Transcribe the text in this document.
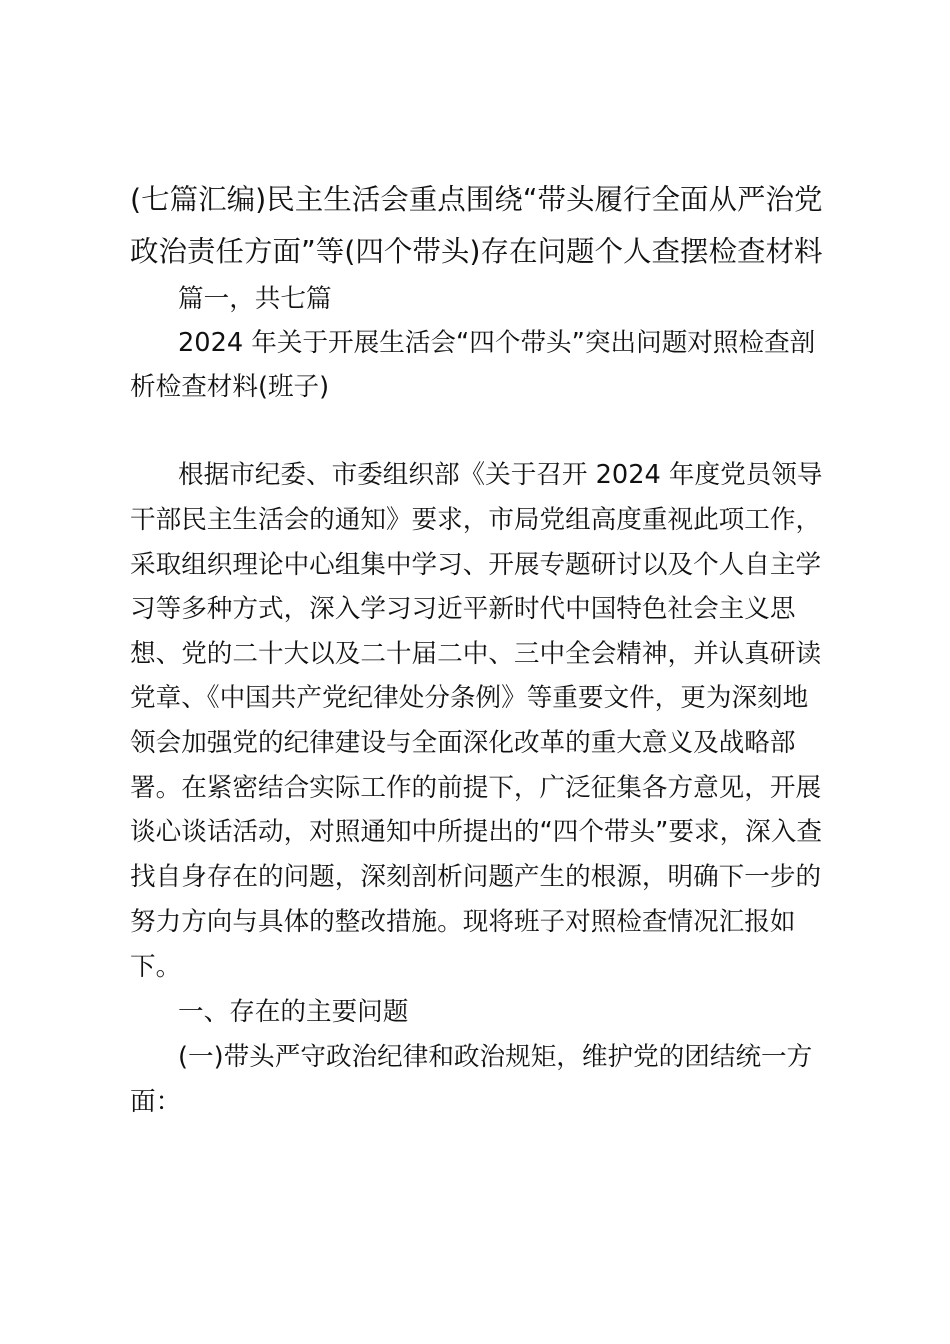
(七篇汇编)民主生活会重点围绕“带头履行全面从严治党

政治责任方面”等(四个带头)存在问题个人查摆检查材料

篇一，共七篇

2024 年关于开展生活会“四个带头”突出问题对照检查剖

析检查材料(班子)

根据市纪委、市委组织部《关于召开 2024 年度党员领导

干部民主生活会的通知》要求，市局党组高度重视此项工作，

采取组织理论中心组集中学习、开展专题研讨以及个人自主学

习等多种方式，深入学习习近平新时代中国特色社会主义思

想、党的二十大以及二十届二中、三中全会精神，并认真研读

党章、《中国共产党纪律处分条例》等重要文件，更为深刻地

领会加强党的纪律建设与全面深化改革的重大意义及战略部

署。在紧密结合实际工作的前提下，广泛征集各方意见，开展

谈心谈话活动，对照通知中所提出的“四个带头”要求，深入查

找自身存在的问题，深刻剖析问题产生的根源，明确下一步的

努力方向与具体的整改措施。现将班子对照检查情况汇报如

下。

一、存在的主要问题

(一)带头严守政治纪律和政治规矩，维护党的团结统一方

面：
